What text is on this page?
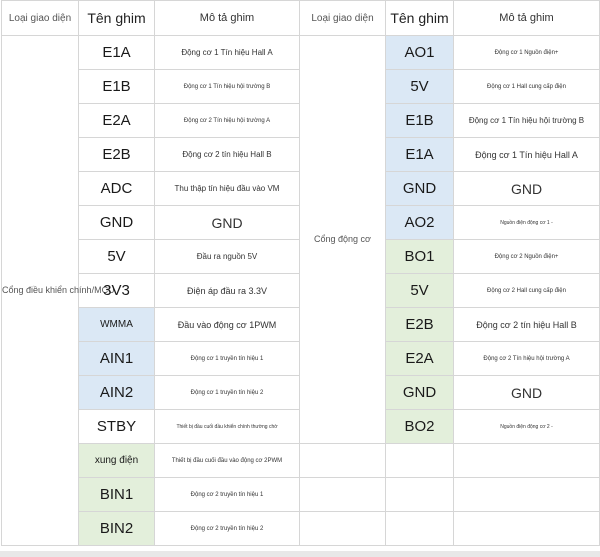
Loại giao diện	Tên ghim	Mô tả ghim	Loại giao diện	Tên ghim	Mô tả ghim
Cổng điều khiển chính/MCU	E1A	Động cơ 1 Tín hiệu Hall A	Cổng động cơ	AO1	Động cơ 1 Nguồn điện+
	E1B	Động cơ 1 Tín hiệu hội trường B		5V	Động cơ 1 Hall cung cấp điện
	E2A	Động cơ 2 Tín hiệu hội trường A		E1B	Động cơ 1 Tín hiệu hội trường B
	E2B	Động cơ 2 tín hiệu Hall B		E1A	Động cơ 1 Tín hiệu Hall A
	ADC	Thu thập tín hiệu đầu vào VM		GND	GND
	GND	GND		AO2	Nguồn điện động cơ 1 -
	5V	Đầu ra nguồn 5V		BO1	Động cơ 2 Nguồn điện+
	3V3	Điện áp đầu ra 3.3V		5V	Động cơ 2 Hall cung cấp điện
	WMMA	Đầu vào động cơ 1PWM		E2B	Động cơ 2 tín hiệu Hall B
	AIN1	Động cơ 1 truyền tín hiệu 1		E2A	Động cơ 2 Tín hiệu hội trường A
	AIN2	Động cơ 1 truyền tín hiệu 2		GND	GND
	STBY	Thiết bị đầu cuối đầu khiển chính thường chờ		BO2	Nguồn điện động cơ 2 -
	xung điện	Thiết bị đầu cuối đầu vào động cơ 2PWM			
	BIN1	Động cơ 2 truyền tín hiệu 1			
	BIN2	Động cơ 2 truyền tín hiệu 2			
